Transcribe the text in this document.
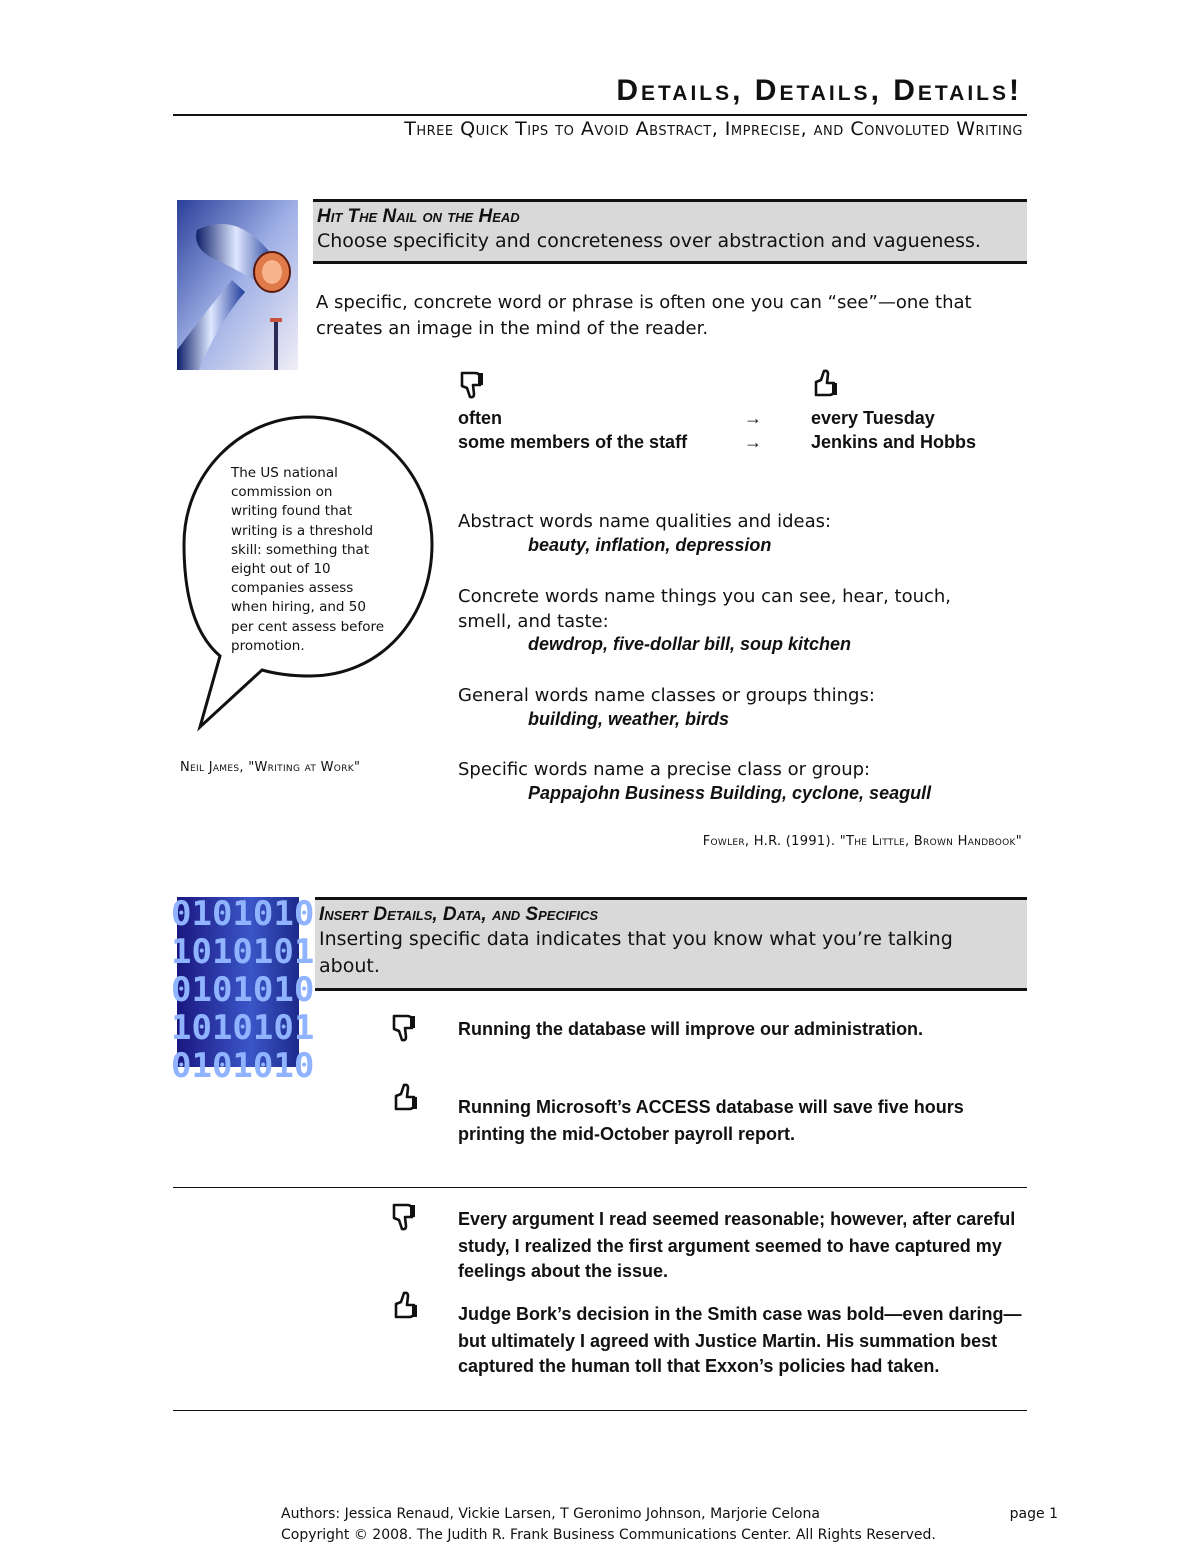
Details, Details, Details!
Three Quick Tips to Avoid Abstract, Imprecise, and Convoluted Writing
Hit The Nail on the Head
Choose specificity and concreteness over abstraction and vagueness.
A specific, concrete word or phrase is often one you can “see”—one that
creates an image in the mind of the reader.
often	→	every Tuesday
some members of the staff	→	Jenkins and Hobbs
The US national
commission on
writing found that
writing is a threshold
skill: something that
eight out of 10
companies assess
when hiring, and 50
per cent assess before
promotion.
Neil James, "Writing at Work"
Abstract words name qualities and ideas:
beauty, inflation, depression
Concrete words name things you can see, hear, touch,
smell, and taste:
dewdrop, five-dollar bill, soup kitchen
General words name classes or groups things:
building, weather, birds
Specific words name a precise class or group:
Pappajohn Business Building, cyclone, seagull
Fowler, H.R. (1991). "The Little, Brown Handbook"
0101010
1010101
0101010
1010101
0101010
Insert Details, Data, and Specifics
Inserting specific data indicates that you know what you’re talking
about.
Running the database will improve our administration.
Running Microsoft’s ACCESS database will save five hours
printing the mid-October payroll report.
Every argument I read seemed reasonable; however, after careful
study, I realized the first argument seemed to have captured my
feelings about the issue.
Judge Bork’s decision in the Smith case was bold—even daring—
but ultimately I agreed with Justice Martin. His summation best
captured the human toll that Exxon’s policies had taken.
Authors: Jessica Renaud, Vickie Larsen, T Geronimo Johnson, Marjorie Celona	page 1
Copyright © 2008. The Judith R. Frank Business Communications Center. All Rights Reserved.
